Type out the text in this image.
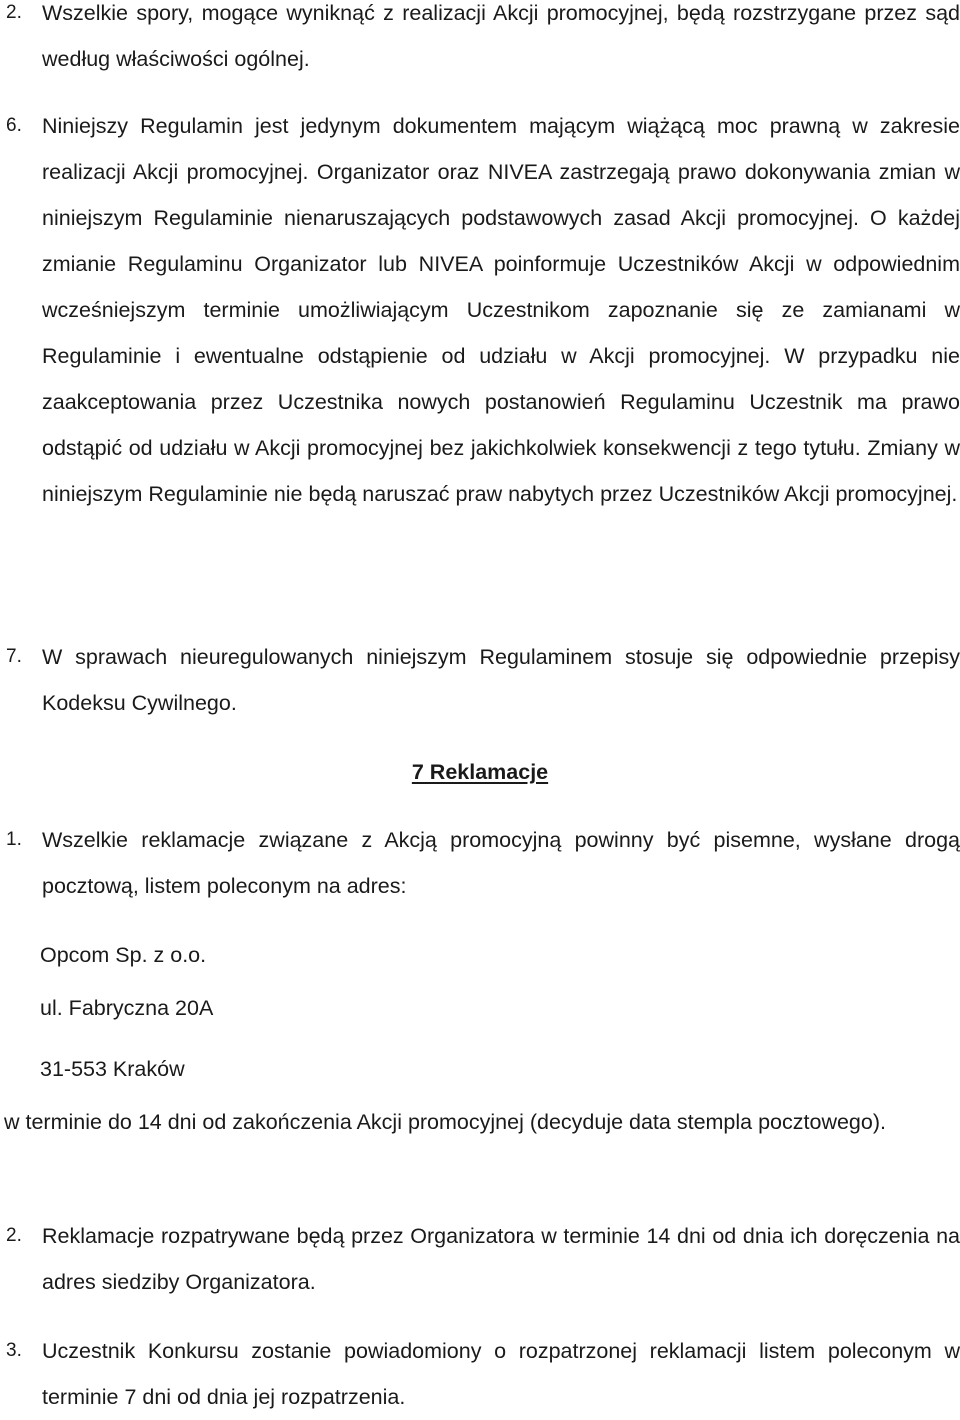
2. Wszelkie spory, mogące wyniknąć z realizacji Akcji promocyjnej, będą rozstrzygane przez sąd według właściwości ogólnej.
6. Niniejszy Regulamin jest jedynym dokumentem mającym wiążącą moc prawną w zakresie realizacji Akcji promocyjnej. Organizator oraz NIVEA zastrzegają prawo dokonywania zmian w niniejszym Regulaminie nienaruszających podstawowych zasad Akcji promocyjnej. O każdej zmianie Regulaminu Organizator lub NIVEA poinformuje Uczestników Akcji w odpowiednim wcześniejszym terminie umożliwiającym Uczestnikom zapoznanie się ze zamianami w Regulaminie i ewentualne odstąpienie od udziału w Akcji promocyjnej. W przypadku nie zaakceptowania przez Uczestnika nowych postanowień Regulaminu Uczestnik ma prawo odstąpić od udziału w Akcji promocyjnej bez jakichkolwiek konsekwencji z tego tytułu. Zmiany w niniejszym Regulaminie nie będą naruszać praw nabytych przez Uczestników Akcji promocyjnej.
7. W sprawach nieuregulowanych niniejszym Regulaminem stosuje się odpowiednie przepisy Kodeksu Cywilnego.
7 Reklamacje
1. Wszelkie reklamacje związane z Akcją promocyjną powinny być pisemne, wysłane drogą pocztową, listem poleconym na adres:
Opcom Sp. z o.o.
ul. Fabryczna 20A
31-553 Kraków
w terminie do 14 dni od zakończenia Akcji promocyjnej (decyduje data stempla pocztowego).
2. Reklamacje rozpatrywane będą przez Organizatora w terminie 14 dni od dnia ich doręczenia na adres siedziby Organizatora.
3. Uczestnik Konkursu zostanie powiadomiony o rozpatrzonej reklamacji listem poleconym w terminie 7 dni od dnia jej rozpatrzenia.
